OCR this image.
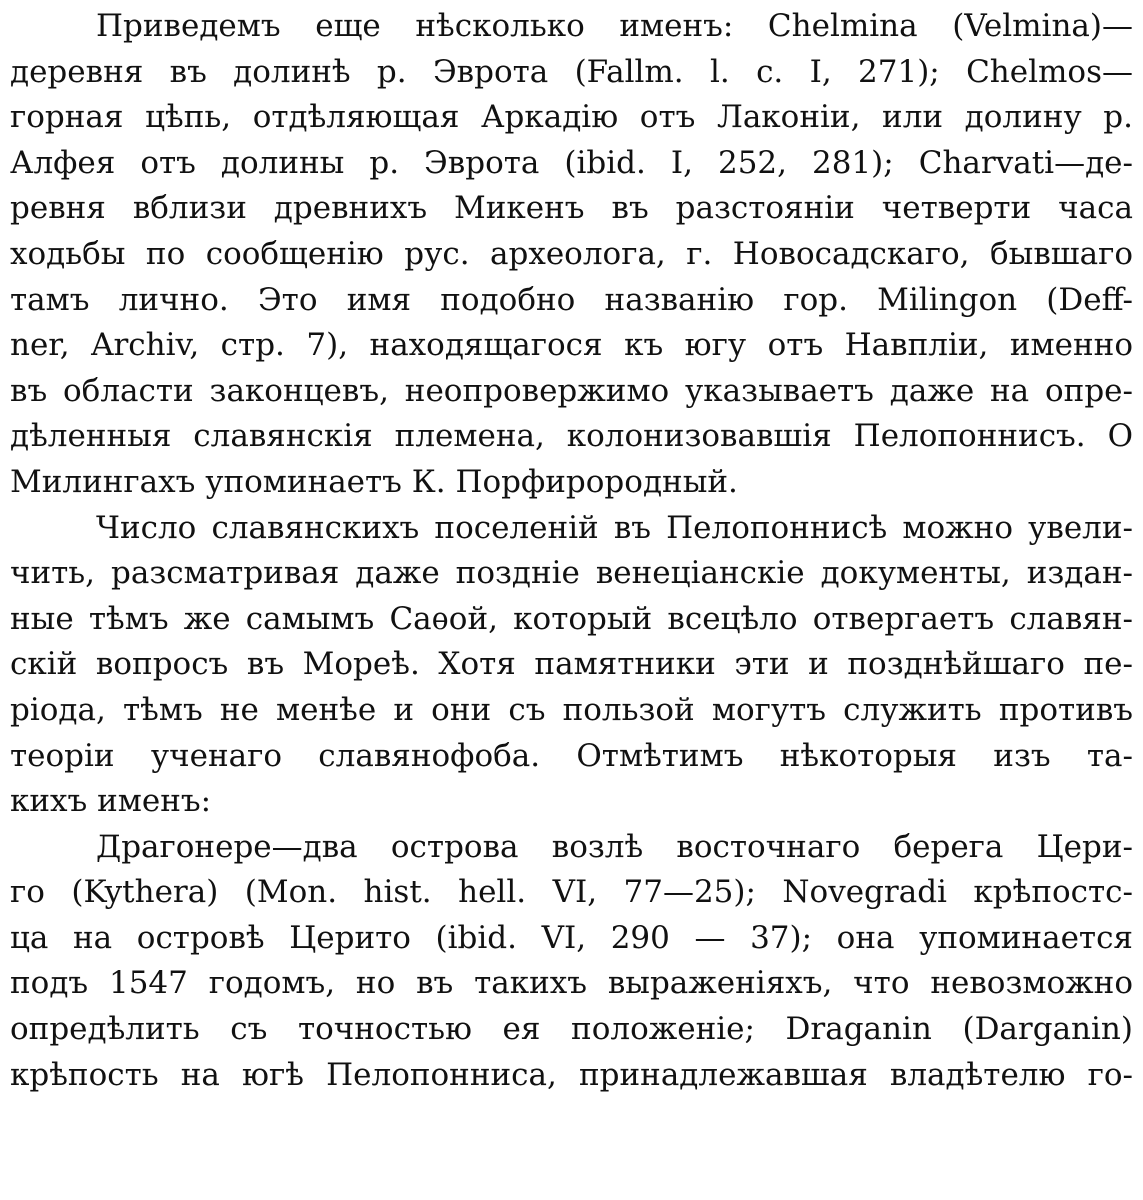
Приведемъ еще нѣсколько именъ: Chelmina (Velmina)—
деревня въ долинѣ р. Эврота (Fallm. l. c. I, 271); Chelmos—
горная цѣпь, отдѣляющая Аркадію отъ Лаконіи, или долину р.
Алфея отъ долины р. Эврота (ibid. I, 252, 281); Charvati—де-
ревня вблизи древнихъ Микенъ въ разстояніи четверти часа
ходьбы по сообщенію рус. археолога, г. Новосадскаго, бывшаго
тамъ лично. Это имя подобно названію гор. Milingon (Deff-
ner, Archiv, стр. 7), находящагося къ югу отъ Навпліи, именно
въ области законцевъ, неопровержимо указываетъ даже на опре-
дѣленныя славянскія племена, колонизовавшія Пелопоннисъ. О
Милингахъ упоминаетъ К. Порфирородный.
Число славянскихъ поселеній въ Пелопоннисѣ можно увели-
чить, разсматривая даже поздніе венеціанскіе документы, издан-
ные тѣмъ же самымъ Саѳой, который всецѣло отвергаетъ славян-
скій вопросъ въ Мореѣ. Хотя памятники эти и позднѣйшаго пе-
ріода, тѣмъ не менѣе и они съ пользой могутъ служить противъ
теоріи ученаго славянофоба. Отмѣтимъ нѣкоторыя изъ та-
кихъ именъ:
Драгонере—два острова возлѣ восточнаго берега Цери-
го (Kythera) (Mon. hist. hell. VI, 77—25); Novegradi крѣпостс-
ца на островѣ Церито (ibid. VI, 290 — 37); она упоминается
подъ 1547 годомъ, но въ такихъ выраженіяхъ, что невозможно
опредѣлить съ точностью ея положеніе; Draganin (Darganin)
крѣпость на югѣ Пелопонниса, принадлежавшая владѣтелю го-
